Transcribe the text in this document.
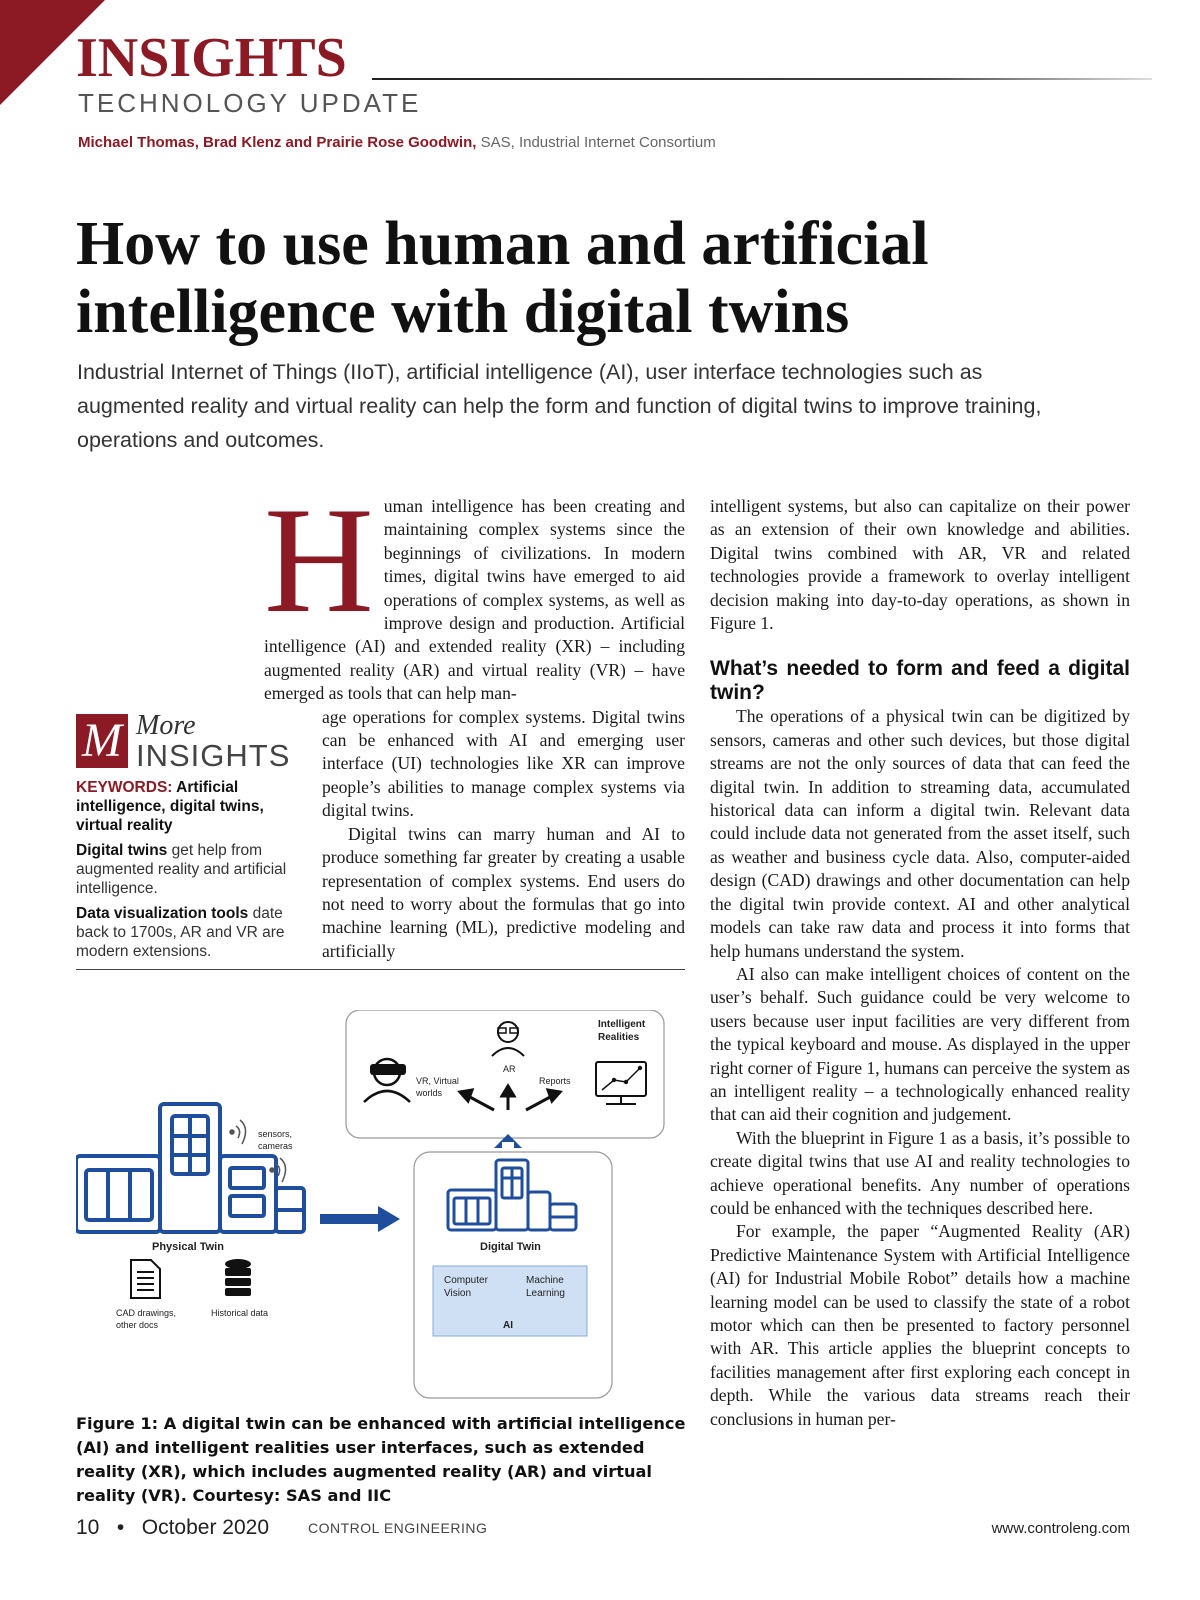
INSIGHTS
TECHNOLOGY UPDATE
Michael Thomas, Brad Klenz and Prairie Rose Goodwin, SAS, Industrial Internet Consortium
How to use human and artificial intelligence with digital twins
Industrial Internet of Things (IIoT), artificial intelligence (AI), user interface technologies such as augmented reality and virtual reality can help the form and function of digital twins to improve training, operations and outcomes.

Human intelligence has been creating and maintaining complex systems since the beginnings of civilizations. In modern times, digital twins have emerged to aid operations of complex systems, as well as improve design and production. Artificial intelligence (AI) and extended reality (XR) – including augmented reality (AR) and virtual reality (VR) – have emerged as tools that can help man-

age operations for complex systems. Digital twins can be enhanced with AI and emerging user interface (UI) technologies like XR can improve people’s abilities to manage complex systems via digital twins.

Digital twins can marry human and AI to produce something far greater by creating a usable representation of complex systems. End users do not need to worry about the formulas that go into machine learning (ML), predictive modeling and artificially

M More
INSIGHTS

KEYWORDS: Artificial intelligence, digital twins, virtual reality

Digital twins get help from augmented reality and artificial intelligence.

Data visualization tools date back to 1700s, AR and VR are modern extensions.

intelligent systems, but also can capitalize on their power as an extension of their own knowledge and abilities. Digital twins combined with AR, VR and related technologies provide a framework to overlay intelligent decision making into day-to-day operations, as shown in Figure 1.

What’s needed to form and feed a digital twin?

The operations of a physical twin can be digitized by sensors, cameras and other such devices, but those digital streams are not the only sources of data that can feed the digital twin. In addition to streaming data, accumulated historical data can inform a digital twin. Relevant data could include data not generated from the asset itself, such as weather and business cycle data. Also, computer-aided design (CAD) drawings and other documentation can help the digital twin provide context. AI and other analytical models can take raw data and process it into forms that help humans understand the system.

AI also can make intelligent choices of content on the user’s behalf. Such guidance could be very welcome to users because user input facilities are very different from the typical keyboard and mouse. As displayed in the upper right corner of Figure 1, humans can perceive the system as an intelligent reality – a technologically enhanced reality that can aid their cognition and judgement.

With the blueprint in Figure 1 as a basis, it’s possible to create digital twins that use AI and reality technologies to achieve operational benefits. Any number of operations could be enhanced with the techniques described here.

For example, the paper “Augmented Reality (AR) Predictive Maintenance System with Artificial Intelligence (AI) for Industrial Mobile Robot” details how a machine learning model can be used to classify the state of a robot motor which can then be presented to factory personnel with AR. This article applies the blueprint concepts to facilities management after first exploring each concept in depth. While the various data streams reach their conclusions in human per-

Intelligent
Realities
VR, Virtual
worlds
AR
Reports
sensors,
cameras
Physical Twin	Digital Twin
Computer
Vision
Machine
Learning
AI
CAD drawings,
other docs
Historical data
Figure 1: A digital twin can be enhanced with artificial intelligence (AI) and intelligent realities user interfaces, such as extended reality (XR), which includes augmented reality (AR) and virtual reality (VR). Courtesy: SAS and IIC
10 • October 2020	CONTROL ENGINEERING	www.controleng.com
